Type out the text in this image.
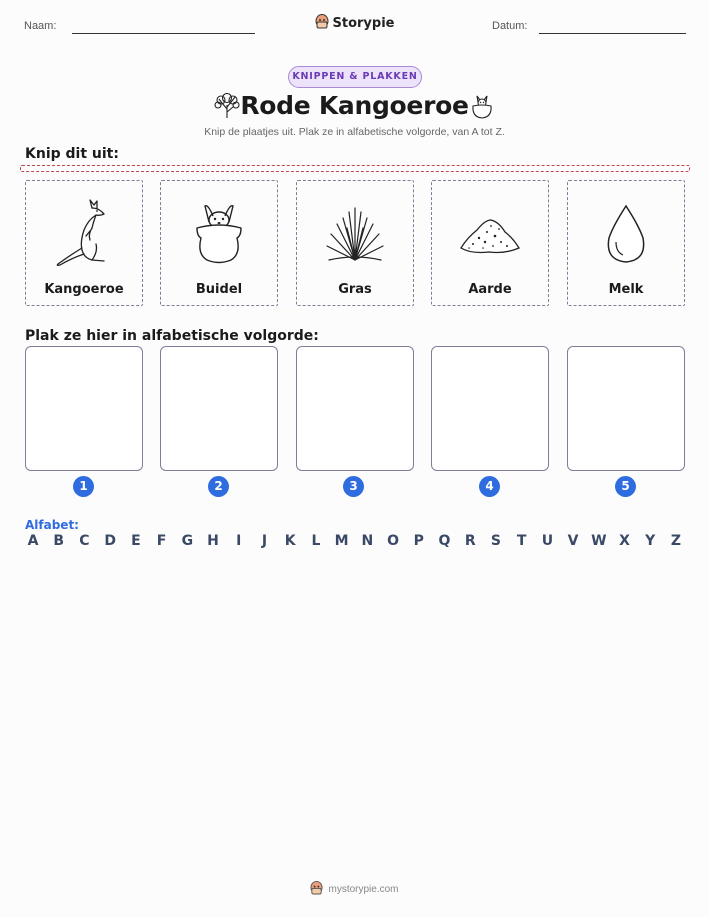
Naam:	Storypie	Datum:
KNIPPEN & PLAKKEN
Rode Kangoeroe
Knip de plaatjes uit. Plak ze in alfabetische volgorde, van A tot Z.
Knip dit uit:
Kangoeroe	Buidel	Gras	Aarde	Melk
Plak ze hier in alfabetische volgorde:
1	2	3	4	5
Alfabet:
A B C D E F G H	I	J	K L M N O P Q R S T U V W X Y Z
mystorypie.com
